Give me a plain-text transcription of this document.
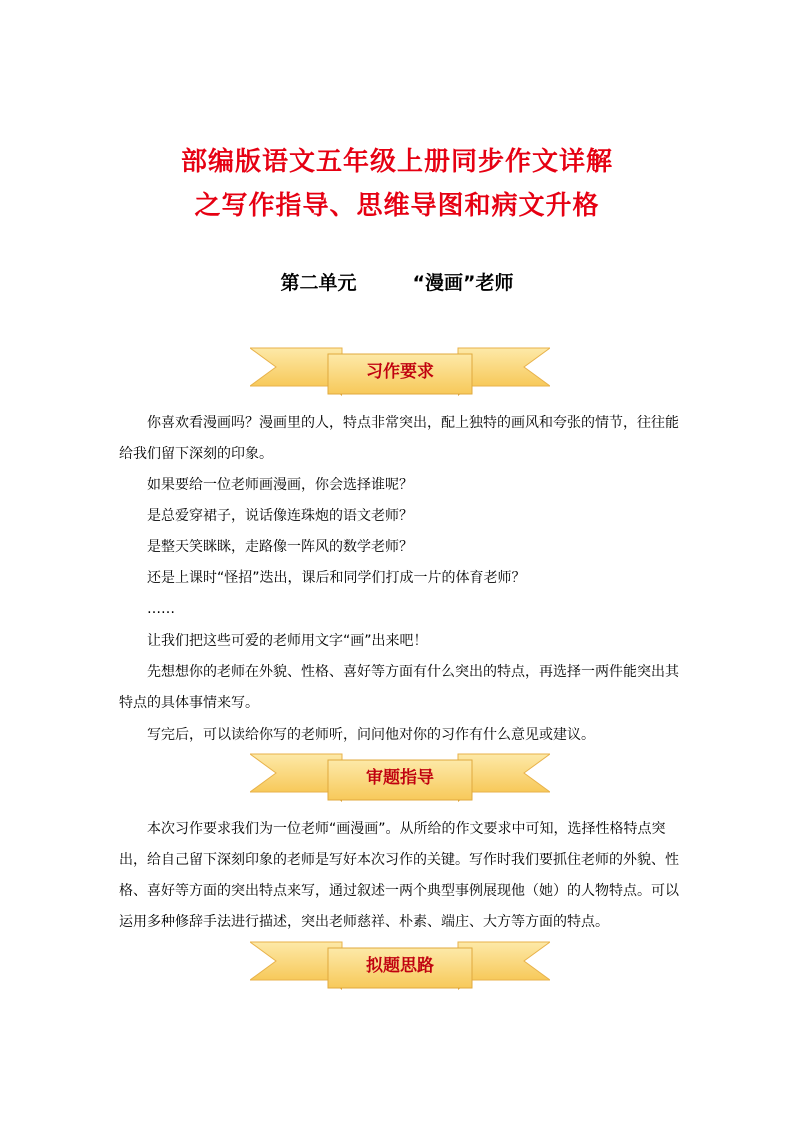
部编版语文五年级上册同步作文详解
之写作指导、思维导图和病文升格
第二单元	“漫画”老师
习作要求

你喜欢看漫画吗？漫画里的人，特点非常突出，配上独特的画风和夸张的情节，往往能给我们留下深刻的印象。

如果要给一位老师画漫画，你会选择谁呢？

是总爱穿裙子，说话像连珠炮的语文老师？

是整天笑眯眯，走路像一阵风的数学老师？

还是上课时“怪招”迭出，课后和同学们打成一片的体育老师？

……

让我们把这些可爱的老师用文字“画”出来吧！

先想想你的老师在外貌、性格、喜好等方面有什么突出的特点，再选择一两件能突出其特点的具体事情来写。

写完后，可以读给你写的老师听，问问他对你的习作有什么意见或建议。

审题指导

本次习作要求我们为一位老师“画漫画”。从所给的作文要求中可知，选择性格特点突出，给自己留下深刻印象的老师是写好本次习作的关键。写作时我们要抓住老师的外貌、性格、喜好等方面的突出特点来写，通过叙述一两个典型事例展现他（她）的人物特点。可以运用多种修辞手法进行描述，突出老师慈祥、朴素、端庄、大方等方面的特点。

拟题思路
